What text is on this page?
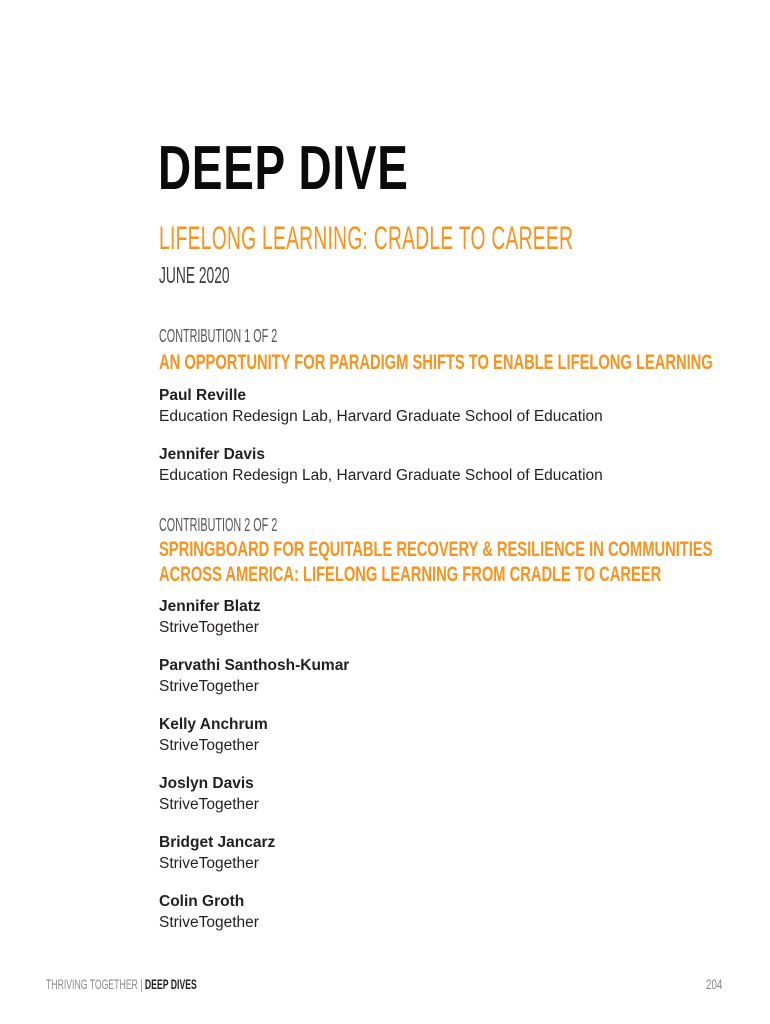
DEEP DIVE
LIFELONG LEARNING: CRADLE TO CAREER
JUNE 2020
CONTRIBUTION 1 OF 2
AN OPPORTUNITY FOR PARADIGM SHIFTS TO ENABLE LIFELONG LEARNING
Paul Reville
Education Redesign Lab, Harvard Graduate School of Education
Jennifer Davis
Education Redesign Lab, Harvard Graduate School of Education
CONTRIBUTION 2 OF 2
SPRINGBOARD FOR EQUITABLE RECOVERY & RESILIENCE IN COMMUNITIES
ACROSS AMERICA: LIFELONG LEARNING FROM CRADLE TO CAREER
Jennifer Blatz
StriveTogether
Parvathi Santhosh-Kumar
StriveTogether
Kelly Anchrum
StriveTogether
Joslyn Davis
StriveTogether
Bridget Jancarz
StriveTogether
Colin Groth
StriveTogether
THRIVING TOGETHER | DEEP DIVES	204
